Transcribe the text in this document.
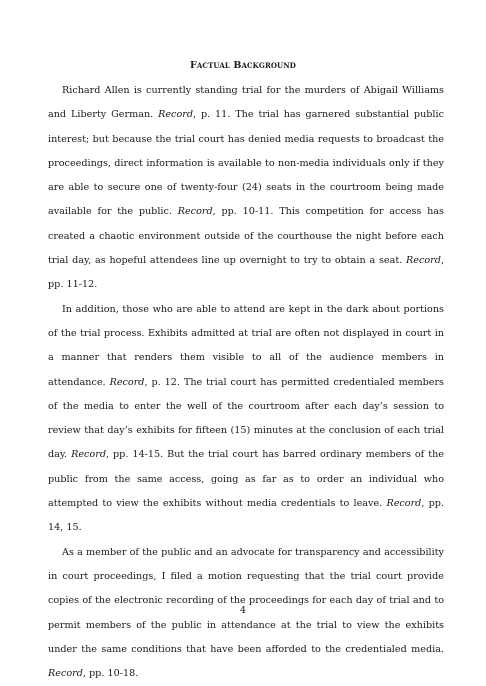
Factual Background

Richard Allen is currently standing trial for the murders of Abigail Williams and Liberty German. Record, p. 11. The trial has garnered substantial public interest; but because the trial court has denied media requests to broadcast the proceedings, direct information is available to non-media individuals only if they are able to secure one of twenty-four (24) seats in the courtroom being made available for the public. Record, pp. 10-11. This competition for access has created a chaotic environment outside of the courthouse the night before each trial day, as hopeful attendees line up overnight to try to obtain a seat. Record, pp. 11-12.

In addition, those who are able to attend are kept in the dark about portions of the trial process. Exhibits admitted at trial are often not displayed in court in a manner that renders them visible to all of the audience members in attendance. Record, p. 12. The trial court has permitted credentialed members of the media to enter the well of the courtroom after each day’s session to review that day’s exhibits for fifteen (15) minutes at the conclusion of each trial day. Record, pp. 14-15. But the trial court has barred ordinary members of the public from the same access, going as far as to order an individual who attempted to view the exhibits without media credentials to leave. Record, pp. 14, 15.

As a member of the public and an advocate for transparency and accessibility in court proceedings, I filed a motion requesting that the trial court provide copies of the electronic recording of the proceedings for each day of trial and to permit members of the public in attendance at the trial to view the exhibits under the same conditions that have been afforded to the credentialed media. Record, pp. 10-18.

4
